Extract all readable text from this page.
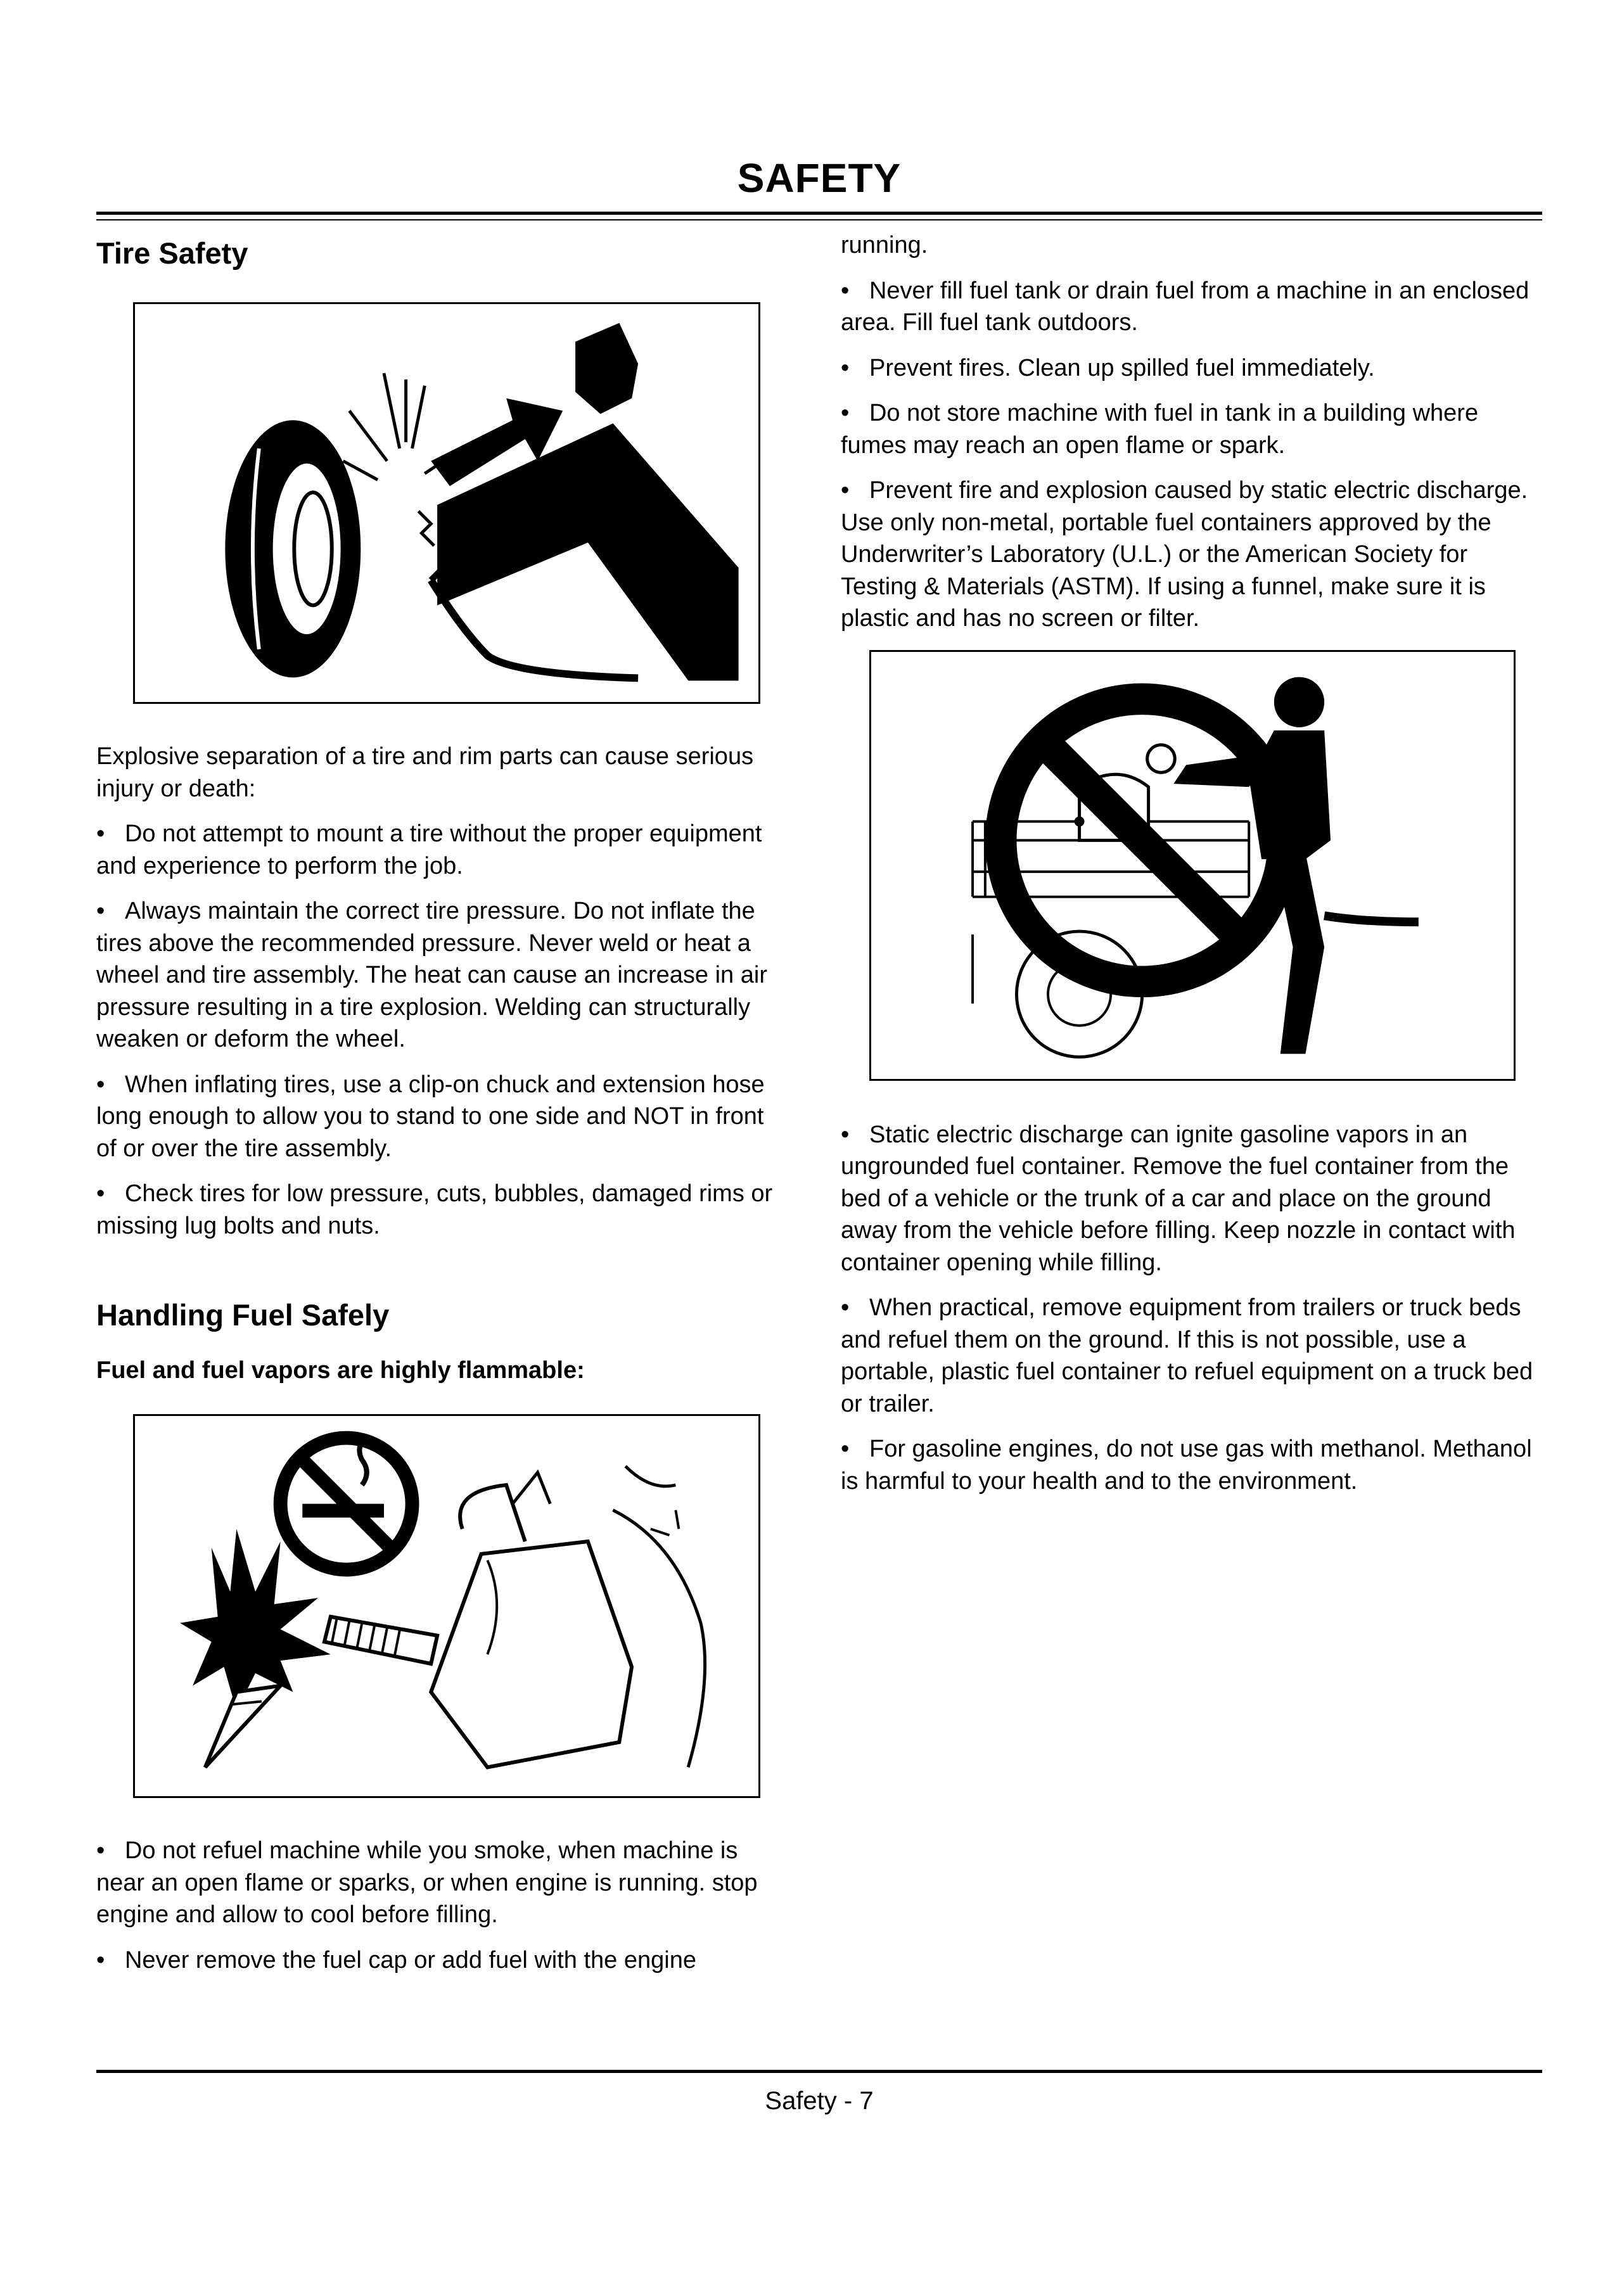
SAFETY
Tire Safety

Explosive separation of a tire and rim parts can cause serious injury or death:

•   Do not attempt to mount a tire without the proper equipment and experience to perform the job.

•   Always maintain the correct tire pressure. Do not inflate the tires above the recommended pressure. Never weld or heat a wheel and tire assembly. The heat can cause an increase in air pressure resulting in a tire explosion. Welding can structurally weaken or deform the wheel.

•   When inflating tires, use a clip-on chuck and extension hose long enough to allow you to stand to one side and NOT in front of or over the tire assembly.

•   Check tires for low pressure, cuts, bubbles, damaged rims or missing lug bolts and nuts.

Handling Fuel Safely

Fuel and fuel vapors are highly flammable:

•   Do not refuel machine while you smoke, when machine is near an open flame or sparks, or when engine is running. stop engine and allow to cool before filling.

•   Never remove the fuel cap or add fuel with the engine

running.

•   Never fill fuel tank or drain fuel from a machine in an enclosed area. Fill fuel tank outdoors.

•   Prevent fires. Clean up spilled fuel immediately.

•   Do not store machine with fuel in tank in a building where fumes may reach an open flame or spark.

•   Prevent fire and explosion caused by static electric discharge. Use only non-metal, portable fuel containers approved by the Underwriter’s Laboratory (U.L.) or the American Society for Testing & Materials (ASTM). If using a funnel, make sure it is plastic and has no screen or filter.

•   Static electric discharge can ignite gasoline vapors in an ungrounded fuel container. Remove the fuel container from the bed of a vehicle or the trunk of a car and place on the ground away from the vehicle before filling. Keep nozzle in contact with container opening while filling.

•   When practical, remove equipment from trailers or truck beds and refuel them on the ground. If this is not possible, use a portable, plastic fuel container to refuel equipment on a truck bed or trailer.

•   For gasoline engines, do not use gas with methanol. Methanol is harmful to your health and to the environment.

Safety - 7
